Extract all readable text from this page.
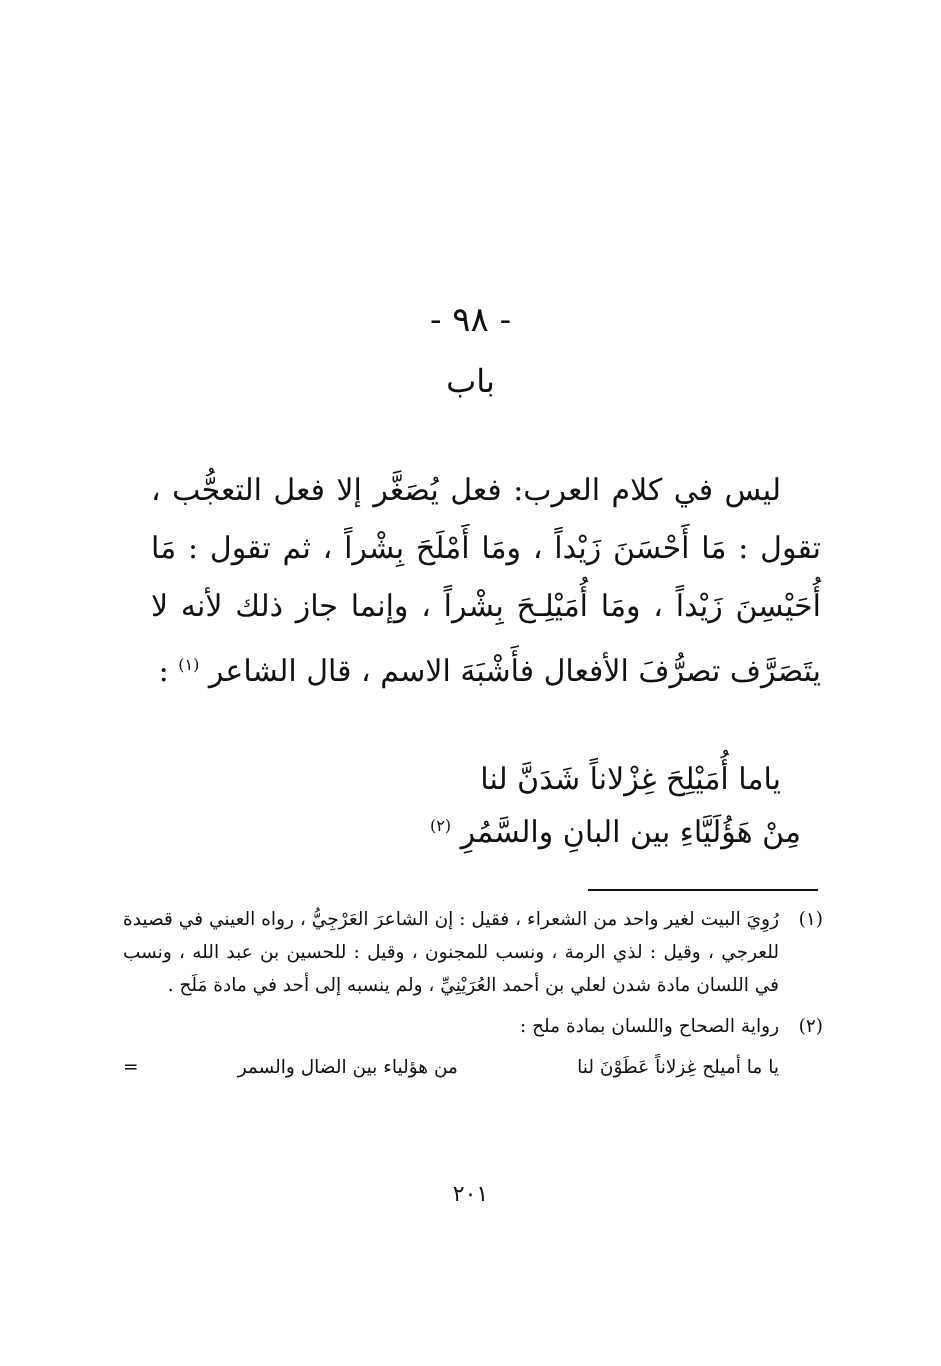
- ٩٨ -
باب

ليس في كلام العرب: فعل يُصَغَّر إلا فعل التعجُّب ، تقول : مَا أَحْسَنَ زَيْداً ، ومَا أَمْلَحَ بِشْراً ، ثم تقول : مَا أُحَيْسِنَ زَيْداً ، ومَا أُمَيْلِـحَ بِشْراً ، وإنما جاز ذلك لأنه لا يتَصَرَّف تصرُّفَ الأفعال فأَشْبَهَ الاسم ، قال الشاعر $^{(١)}$ :

ياما أُمَيْلِحَ غِزْلاناً شَدَنَّ لنا
مِنْ هَؤُلَيَّاءِ بين البانِ والسَّمُرِ $^{(٢)}$
(١)
رُوِيَ البيت لغير واحد من الشعراء ، فقيل : إن الشاعرَ العَرْجِيُّ ، رواه العيني في قصيدة للعرجي ، وقيل : لذي الرمة ، ونسب للمجنون ، وقيل : للحسين بن عبد الله ، ونسب في اللسان مادة شدن لعلي بن أحمد العُرَيْنِيِّ ، ولم ينسبه إلى أحد في مادة مَلَح .
(٢)
رواية الصحاح واللسان بمادة ملح :
يا ما أميلح غِزلاناً عَطَوْنَ لنا
من هؤلياء بين الضال والسمر
=
٢٠١
